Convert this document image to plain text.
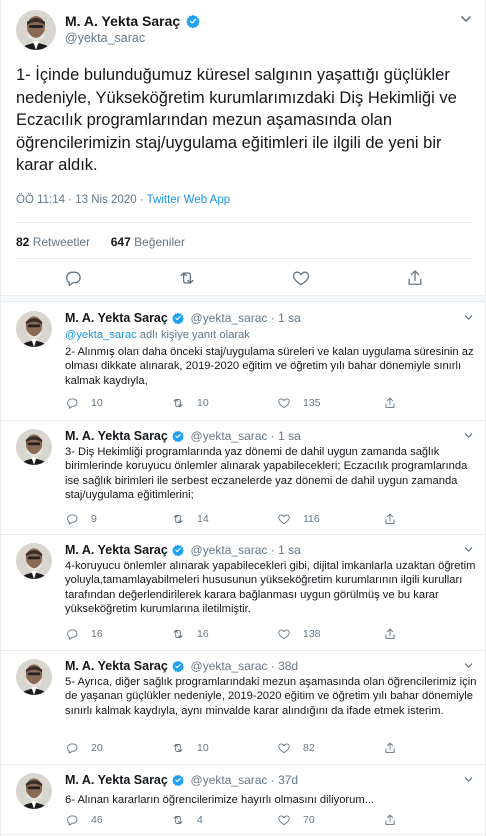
M. A. Yekta Saraç
@yekta_sarac
1- İçinde bulunduğumuz küresel salgının yaşattığı güçlükler nedeniyle, Yükseköğretim kurumlarımızdaki Diş Hekimliği ve Eczacılık programlarından mezun aşamasında olan öğrencilerimizin staj/uygulama eğitimleri ile ilgili de yeni bir karar aldık.
ÖÖ 11:14 · 13 Nis 2020 · Twitter Web App
82 Retweetler 647 Beğeniler
M. A. Yekta Saraç @yekta_sarac · 1 sa
@yekta_sarac adlı kişiye yanıt olarak
2- Alınmış olan daha önceki staj/uygulama süreleri ve kalan uygulama süresinin az olması dikkate alınarak, 2019-2020 eğitim ve öğretim yılı bahar dönemiyle sınırlı kalmak kaydıyla,
10	10	135
M. A. Yekta Saraç @yekta_sarac · 1 sa
3- Diş Hekimliği programlarında yaz dönemi de dahil uygun zamanda sağlık birimlerinde koruyucu önlemler alınarak yapabilecekleri; Eczacılık programlarında ise sağlık birimleri ile serbest eczanelerde yaz dönemi de dahil uygun zamanda staj/uygulama eğitimlerini;
9	14	116
M. A. Yekta Saraç @yekta_sarac · 1 sa
4-koruyucu önlemler alınarak yapabilecekleri gibi, dijital imkanlarla uzaktan öğretim yoluyla,tamamlayabilmeleri hususunun yükseköğretim kurumlarının ilgili kurulları tarafından değerlendirilerek karara bağlanması uygun görülmüş ve bu karar yükseköğretim kurumlarına iletilmiştir.
16	16	138
M. A. Yekta Saraç @yekta_sarac · 38d
5- Ayrıca, diğer sağlık programlarındaki mezun aşamasında olan öğrencilerimiz için de yaşanan güçlükler nedeniyle, 2019-2020 eğitim ve öğretim yılı bahar dönemiyle sınırlı kalmak kaydıyla, aynı minvalde karar alındığını da ifade etmek isterim.
20	10	82
M. A. Yekta Saraç @yekta_sarac · 37d
6- Alınan kararların öğrencilerimize hayırlı olmasını diliyorum...
46	4	70
